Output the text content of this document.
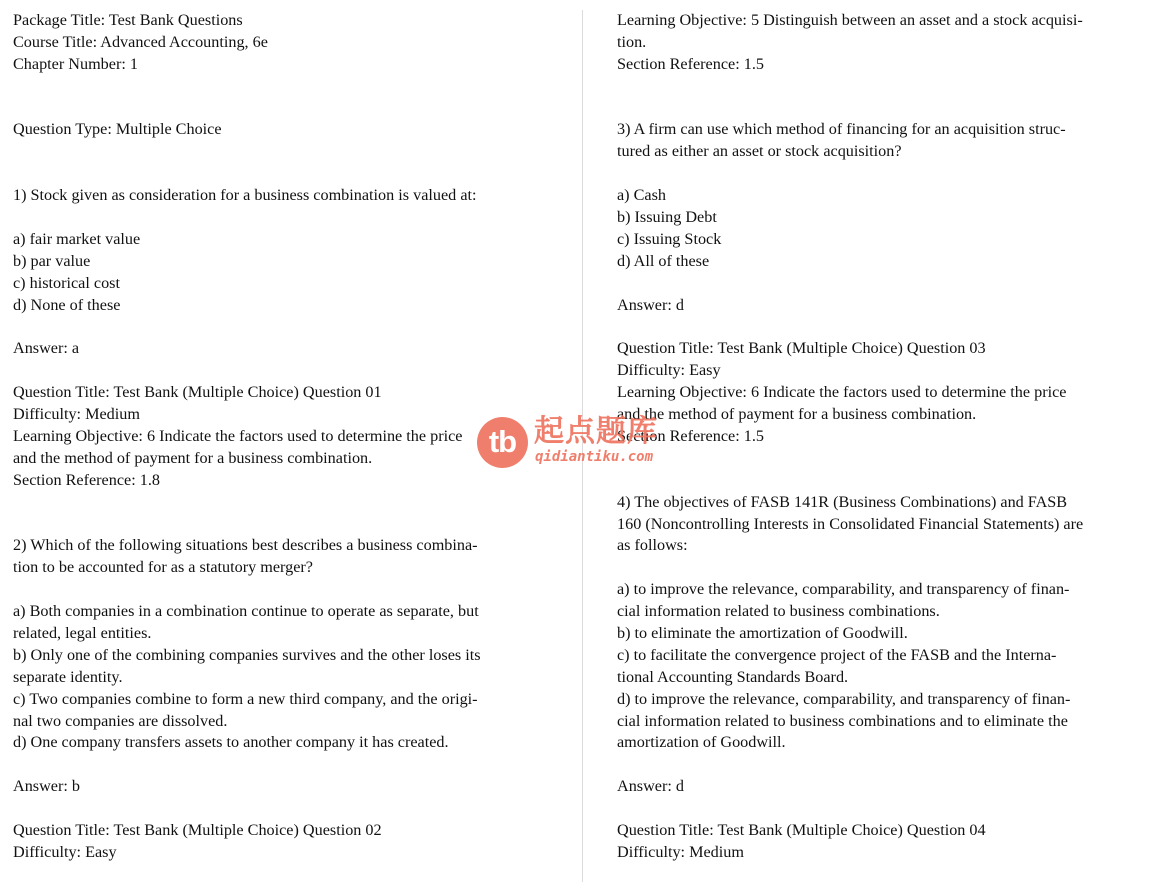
Package Title: Test Bank Questions
Course Title: Advanced Accounting, 6e
Chapter Number: 1
Question Type: Multiple Choice
1) Stock given as consideration for a business combination is valued at:
a) fair market value
b) par value
c) historical cost
d) None of these
Answer: a
Question Title: Test Bank (Multiple Choice) Question 01
Difficulty: Medium
Learning Objective: 6 Indicate the factors used to determine the price
and the method of payment for a business combination.
Section Reference: 1.8
2) Which of the following situations best describes a business combina-
tion to be accounted for as a statutory merger?
a) Both companies in a combination continue to operate as separate, but
related, legal entities.
b) Only one of the combining companies survives and the other loses its
separate identity.
c) Two companies combine to form a new third company, and the origi-
nal two companies are dissolved.
d) One company transfers assets to another company it has created.
Answer: b
Question Title: Test Bank (Multiple Choice) Question 02
Difficulty: Easy
Learning Objective: 5 Distinguish between an asset and a stock acquisi-
tion.
Section Reference: 1.5
3) A firm can use which method of financing for an acquisition struc-
tured as either an asset or stock acquisition?
a) Cash
b) Issuing Debt
c) Issuing Stock
d) All of these
Answer: d
Question Title: Test Bank (Multiple Choice) Question 03
Difficulty: Easy
Learning Objective: 6 Indicate the factors used to determine the price
and the method of payment for a business combination.
Section Reference: 1.5
4) The objectives of FASB 141R (Business Combinations) and FASB
160 (Noncontrolling Interests in Consolidated Financial Statements) are
as follows:
a) to improve the relevance, comparability, and transparency of finan-
cial information related to business combinations.
b) to eliminate the amortization of Goodwill.
c) to facilitate the convergence project of the FASB and the Interna-
tional Accounting Standards Board.
d) to improve the relevance, comparability, and transparency of finan-
cial information related to business combinations and to eliminate the
amortization of Goodwill.
Answer: d
Question Title: Test Bank (Multiple Choice) Question 04
Difficulty: Medium
tb 起点题库
qidiantiku.com
